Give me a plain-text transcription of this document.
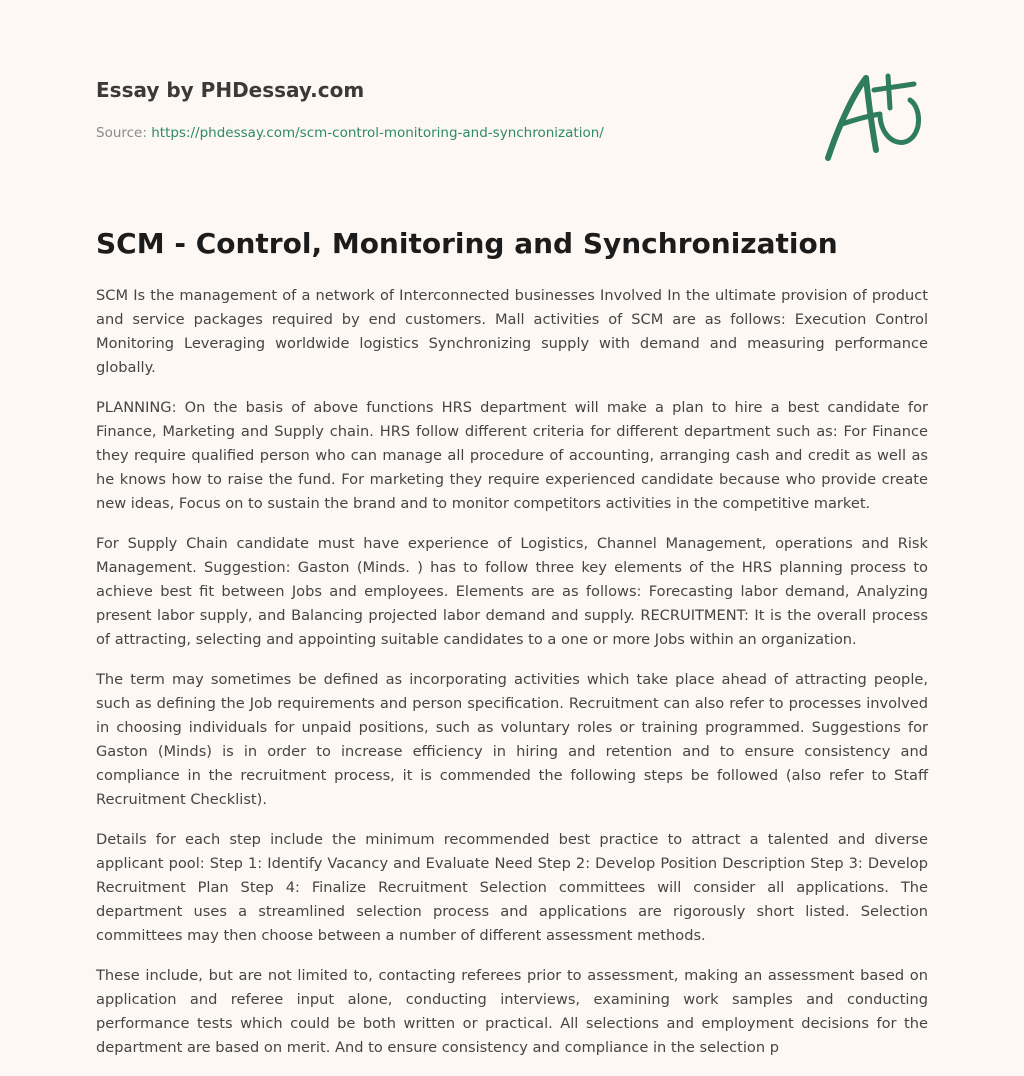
Essay by PHDessay.com
Source: https://phdessay.com/scm-control-monitoring-and-synchronization/
SCM - Control, Monitoring and Synchronization

SCM Is the management of a network of Interconnected businesses Involved In the ultimate provision of product and service packages required by end customers. Mall activities of SCM are as follows: Execution Control Monitoring Leveraging worldwide logistics Synchronizing supply with demand and measuring performance globally.

PLANNING: On the basis of above functions HRS department will make a plan to hire a best candidate for Finance, Marketing and Supply chain. HRS follow different criteria for different department such as: For Finance they require qualified person who can manage all procedure of accounting, arranging cash and credit as well as he knows how to raise the fund. For marketing they require experienced candidate because who provide create new ideas, Focus on to sustain the brand and to monitor competitors activities in the competitive market.

For Supply Chain candidate must have experience of Logistics, Channel Management, operations and Risk Management. Suggestion: Gaston (Minds. ) has to follow three key elements of the HRS planning process to achieve best fit between Jobs and employees. Elements are as follows: Forecasting labor demand, Analyzing present labor supply, and Balancing projected labor demand and supply. RECRUITMENT: It is the overall process of attracting, selecting and appointing suitable candidates to a one or more Jobs within an organization.

The term may sometimes be defined as incorporating activities which take place ahead of attracting people, such as defining the Job requirements and person specification. Recruitment can also refer to processes involved in choosing individuals for unpaid positions, such as voluntary roles or training programmed. Suggestions for Gaston (Minds) is in order to increase efficiency in hiring and retention and to ensure consistency and compliance in the recruitment process, it is commended the following steps be followed (also refer to Staff Recruitment Checklist).

Details for each step include the minimum recommended best practice to attract a talented and diverse applicant pool: Step 1: Identify Vacancy and Evaluate Need Step 2: Develop Position Description Step 3: Develop Recruitment Plan Step 4: Finalize Recruitment Selection committees will consider all applications. The department uses a streamlined selection process and applications are rigorously short listed. Selection committees may then choose between a number of different assessment methods.

These include, but are not limited to, contacting referees prior to assessment, making an assessment based on application and referee input alone, conducting interviews, examining work samples and conducting performance tests which could be both written or practical. All selections and employment decisions for the department are based on merit. And to ensure consistency and compliance in the selection p
